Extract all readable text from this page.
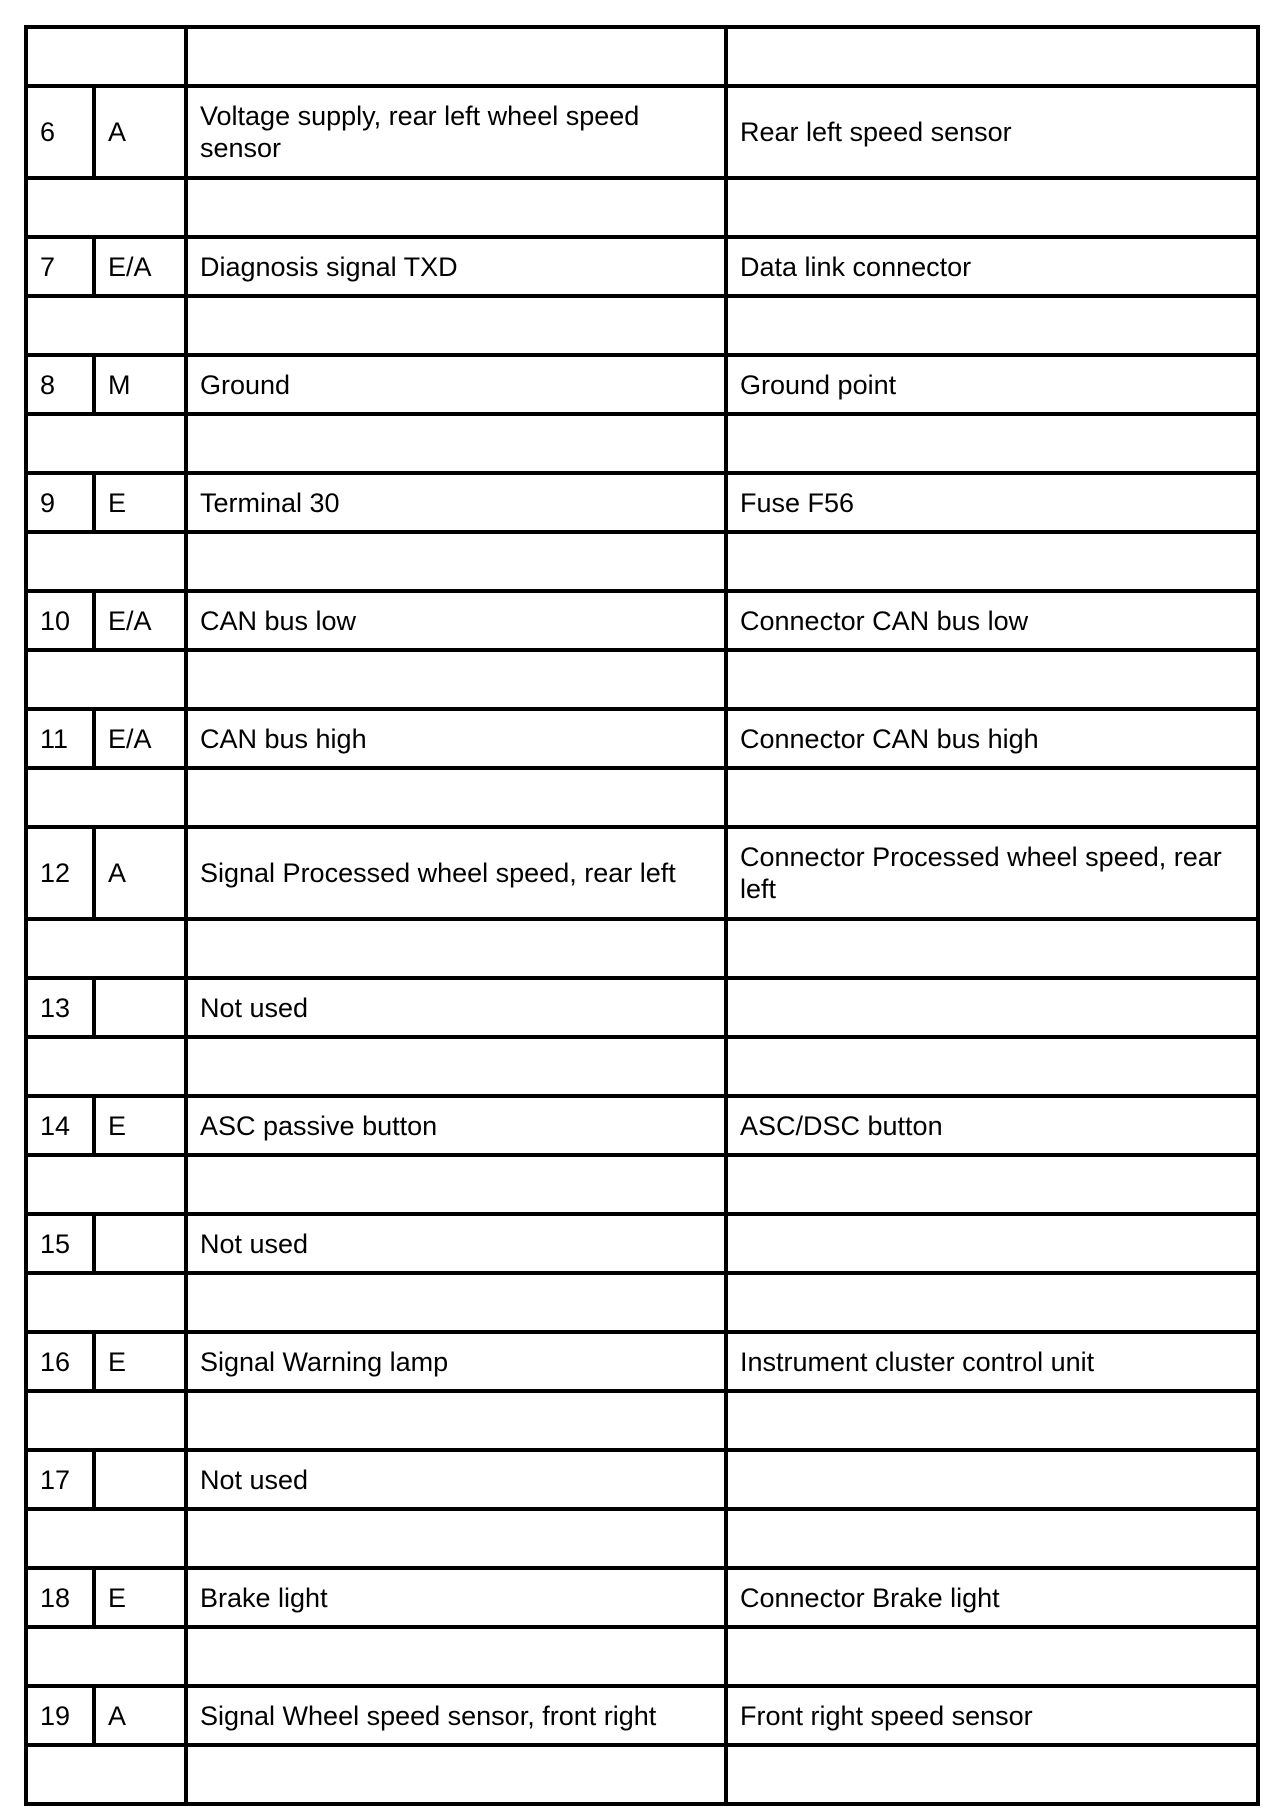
6	A	Voltage supply, rear left wheel speed sensor	Rear left speed sensor

7	E/A	Diagnosis signal TXD	Data link connector

8	M	Ground	Ground point

9	E	Terminal 30	Fuse F56

10	E/A	CAN bus low	Connector CAN bus low

11	E/A	CAN bus high	Connector CAN bus high

12	A	Signal Processed wheel speed, rear left	Connector Processed wheel speed, rear left

13		Not used	

14	E	ASC passive button	ASC/DSC button

15		Not used	

16	E	Signal Warning lamp	Instrument cluster control unit

17		Not used	

18	E	Brake light	Connector Brake light

19	A	Signal Wheel speed sensor, front right	Front right speed sensor
